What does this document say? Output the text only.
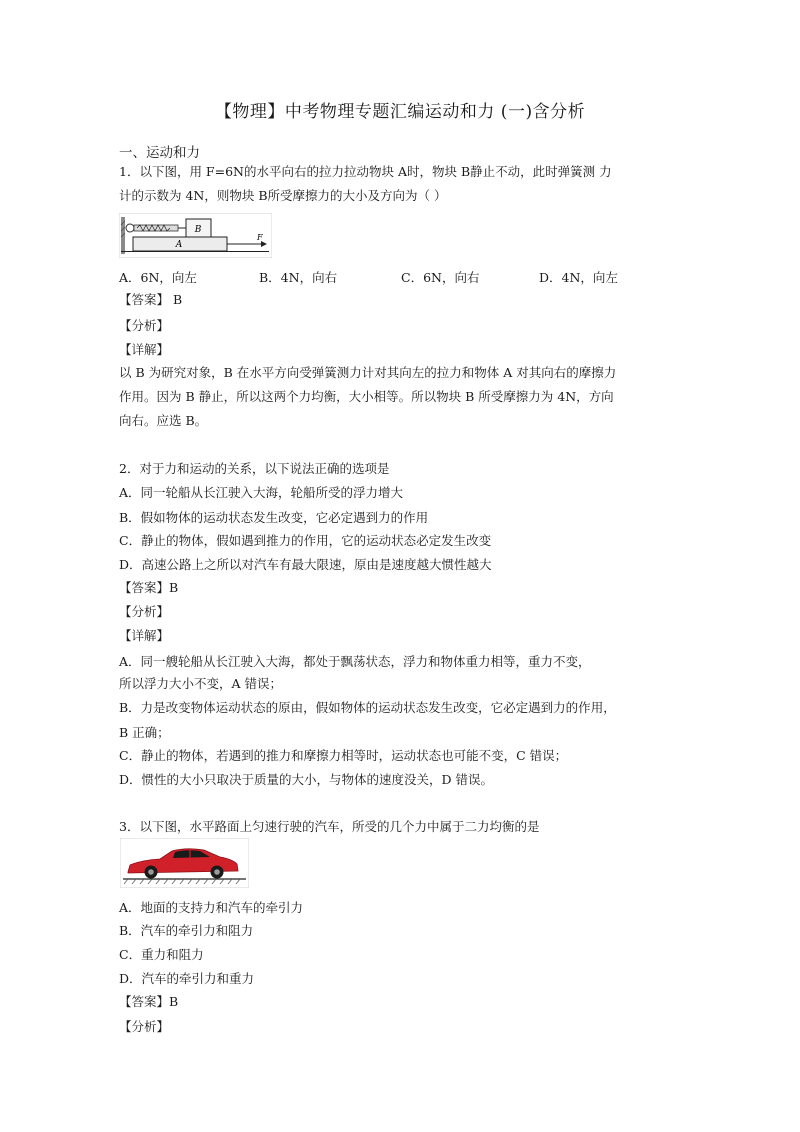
【物理】中考物理专题汇编运动和力 (一)含分析
一、运动和力
1．以下图，用 F=6N的水平向右的拉力拉动物块 A时，物块 B静止不动，此时弹簧测 力
计的示数为 4N，则物块 B所受摩擦力的大小及方向为（ ）
B
A
F
A．6N，向左	B．4N，向右	C．6N，向右	D．4N，向左
【答案】 B
【分析】
【详解】
以 B 为研究对象，B 在水平方向受弹簧测力计对其向左的拉力和物体 A 对其向右的摩擦力
作用。因为 B 静止，所以这两个力均衡，大小相等。所以物块 B 所受摩擦力为 4N，方向
向右。应选 B。
2．对于力和运动的关系，以下说法正确的选项是
A．同一轮船从长江驶入大海，轮船所受的浮力增大
B．假如物体的运动状态发生改变，它必定遇到力的作用
C．静止的物体，假如遇到推力的作用，它的运动状态必定发生改变
D．高速公路上之所以对汽车有最大限速，原由是速度越大惯性越大
【答案】B
【分析】
【详解】
A．同一艘轮船从长江驶入大海，都处于飘荡状态，浮力和物体重力相等，重力不变，
所以浮力大小不变，A 错误；
B．力是改变物体运动状态的原由，假如物体的运动状态发生改变，它必定遇到力的作用，
B 正确；
C．静止的物体，若遇到的推力和摩擦力相等时，运动状态也可能不变，C 错误；
D．惯性的大小只取决于质量的大小，与物体的速度没关，D 错误。
3．以下图，水平路面上匀速行驶的汽车，所受的几个力中属于二力均衡的是
A．地面的支持力和汽车的牵引力
B．汽车的牵引力和阻力
C．重力和阻力
D．汽车的牵引力和重力
【答案】B
【分析】
